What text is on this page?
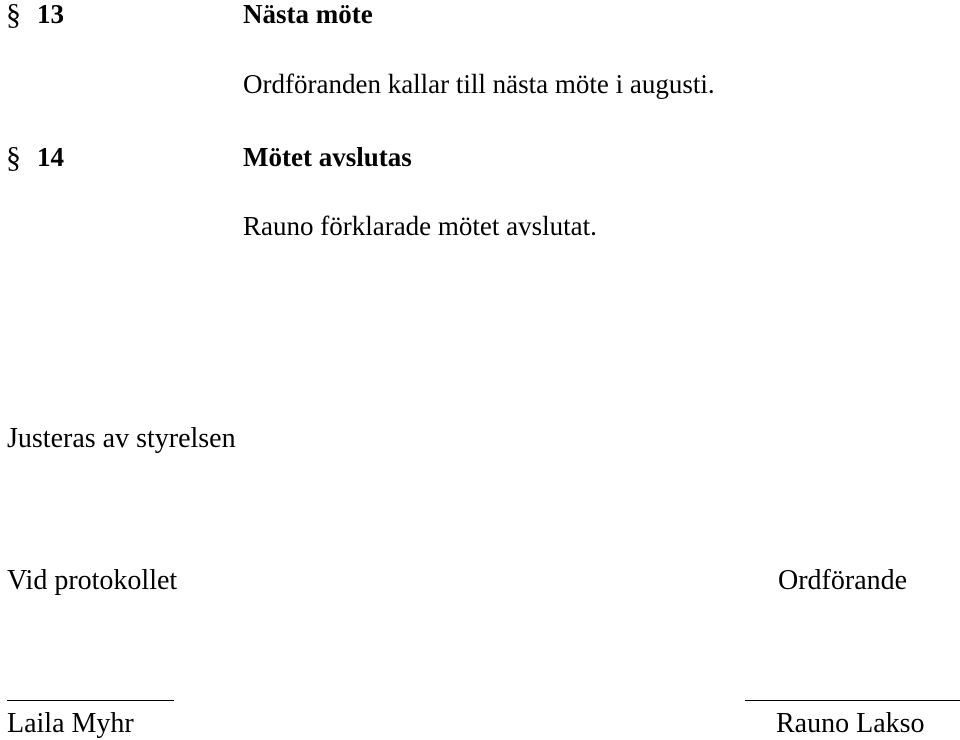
§ 13	Nästa möte
Ordföranden kallar till nästa möte i augusti.
§ 14	Mötet avslutas
Rauno förklarade mötet avslutat.
Justeras av styrelsen
Vid protokollet	Ordförande
Laila Myhr	Rauno Lakso
